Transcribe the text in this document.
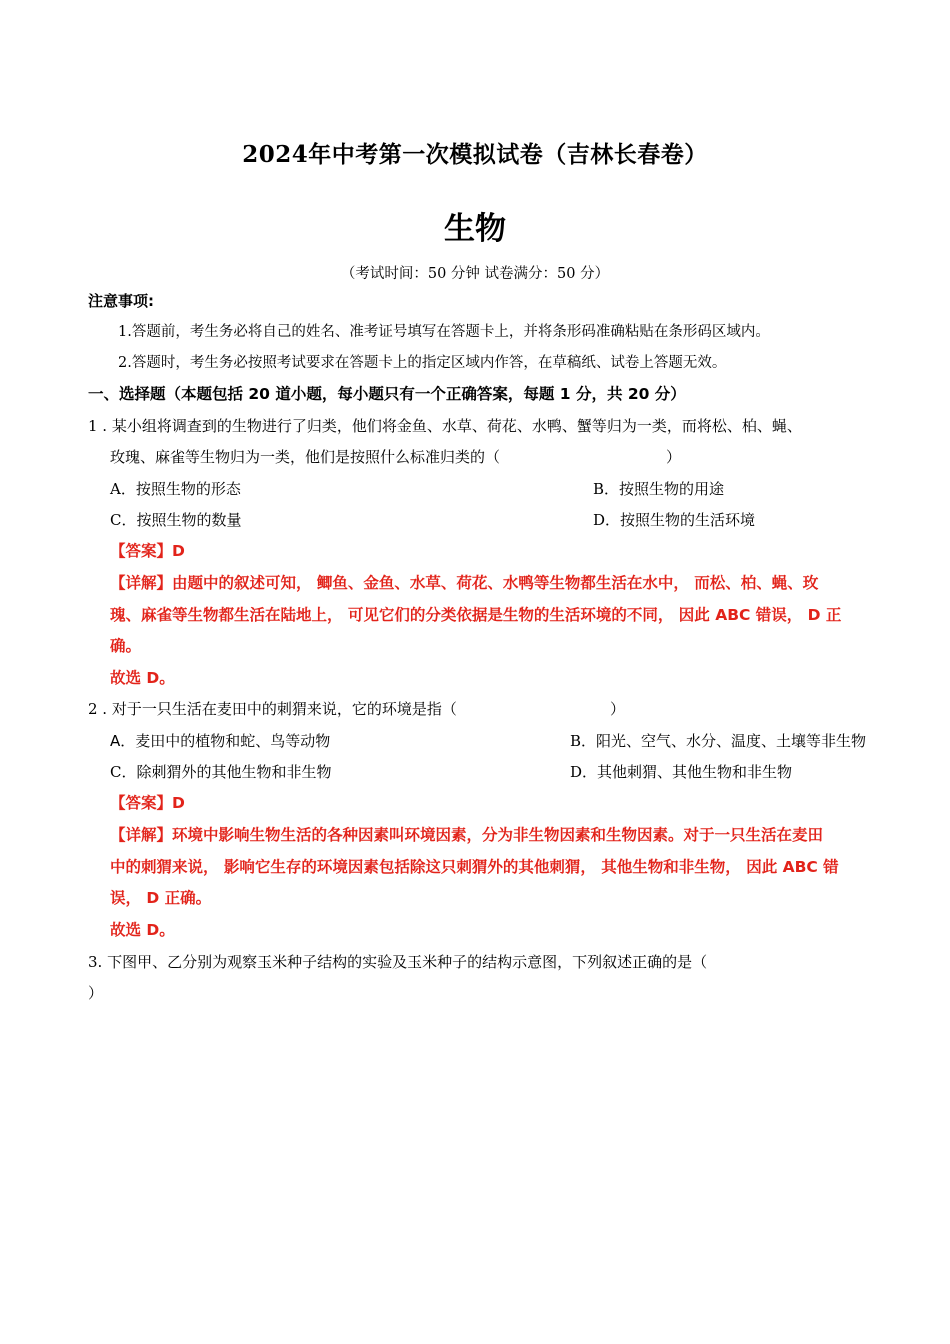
2024年中考第一次模拟试卷（吉林长春卷）
生物
（考试时间：50 分钟 试卷满分：50 分）
注意事项:
1.答题前，考生务必将自己的姓名、准考证号填写在答题卡上，并将条形码准确粘贴在条形码区域内。
2.答题时，考生务必按照考试要求在答题卡上的指定区域内作答，在草稿纸、试卷上答题无效。
一、选择题（本题包括 20 道小题，每小题只有一个正确答案，每题 1 分，共 20 分）
1 . 某小组将调查到的生物进行了归类，他们将金鱼、水草、荷花、水鸭、蟹等归为一类，而将松、柏、蝇、
玫瑰、麻雀等生物归为一类，他们是按照什么标准归类的（	）
A．按照生物的形态	B．按照生物的用途
C．按照生物的数量	D．按照生物的生活环境
【答案】D
【详解】由题中的叙述可知， 鲫鱼、金鱼、水草、荷花、水鸭等生物都生活在水中， 而松、柏、蝇、玫
瑰、麻雀等生物都生活在陆地上， 可见它们的分类依据是生物的生活环境的不同， 因此 ABC 错误， D 正
确。
故选 D。
2 . 对于一只生活在麦田中的刺猬来说，它的环境是指（	）
A．麦田中的植物和蛇、鸟等动物	B．阳光、空气、水分、温度、土壤等非生物
C．除刺猬外的其他生物和非生物	D．其他刺猬、其他生物和非生物
【答案】D
【详解】环境中影响生物生活的各种因素叫环境因素，分为非生物因素和生物因素。对于一只生活在麦田
中的刺猬来说， 影响它生存的环境因素包括除这只刺猬外的其他刺猬， 其他生物和非生物， 因此 ABC 错
误， D 正确。
故选 D。
3. 下图甲、乙分别为观察玉米种子结构的实验及玉米种子的结构示意图，下列叙述正确的是（
）
